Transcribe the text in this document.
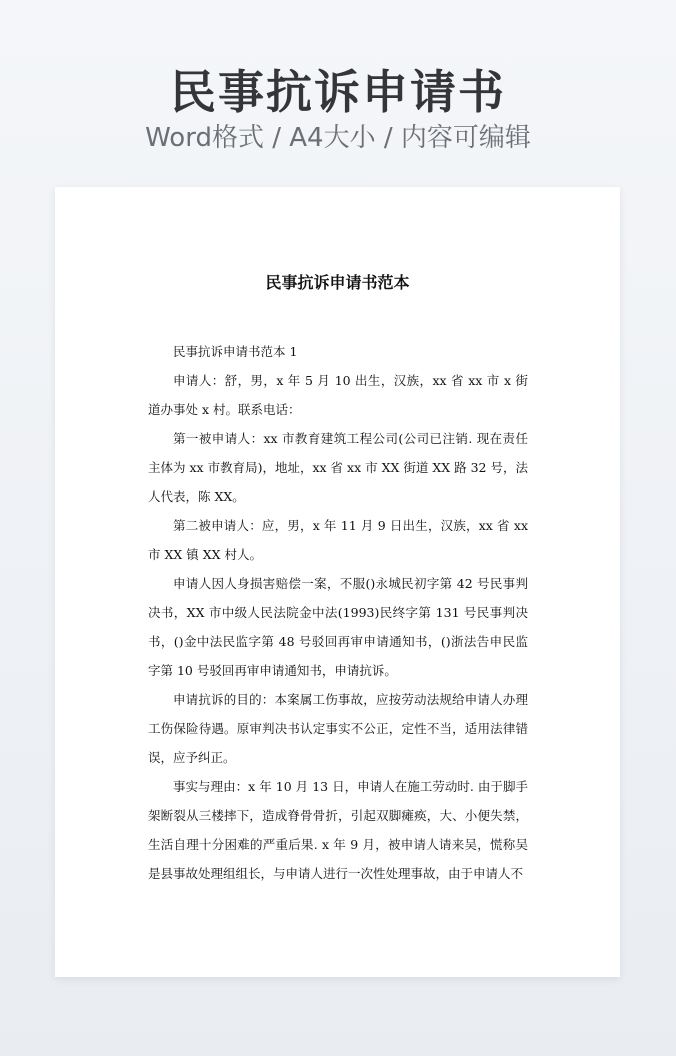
民事抗诉申请书
Word格式 / A4大小 / 内容可编辑
民事抗诉申请书范本

民事抗诉申请书范本 1

申请人：舒，男，x 年 5 月 10 出生，汉族，xx 省 xx 市 x 街道办事处 x 村。联系电话：

第一被申请人：xx 市教育建筑工程公司(公司已注销. 现在责任主体为 xx 市教育局)，地址，xx 省 xx 市 XX 街道 XX 路 32 号，法人代表，陈 XX。

第二被申请人：应，男，x 年 11 月 9 日出生，汉族，xx 省 xx 市 XX 镇 XX 村人。

申请人因人身损害赔偿一案，不服()永城民初字第 42 号民事判决书，XX 市中级人民法院金中法(1993)民终字第 131 号民事判决书，()金中法民监字第 48 号驳回再审申请通知书，()浙法告申民监字第 10 号驳回再审申请通知书，申请抗诉。

申请抗诉的目的：本案属工伤事故，应按劳动法规给申请人办理工伤保险待遇。原审判决书认定事实不公正，定性不当，适用法律错误，应予纠正。

事实与理由：x 年 10 月 13 日，申请人在施工劳动时. 由于脚手架断裂从三楼摔下，造成脊骨骨折，引起双脚瘫痪，大、小便失禁，生活自理十分困难的严重后果. x 年 9 月，被申请人请来吴，慌称吴是县事故处理组组长，与申请人进行一次性处理事故，由于申请人不
